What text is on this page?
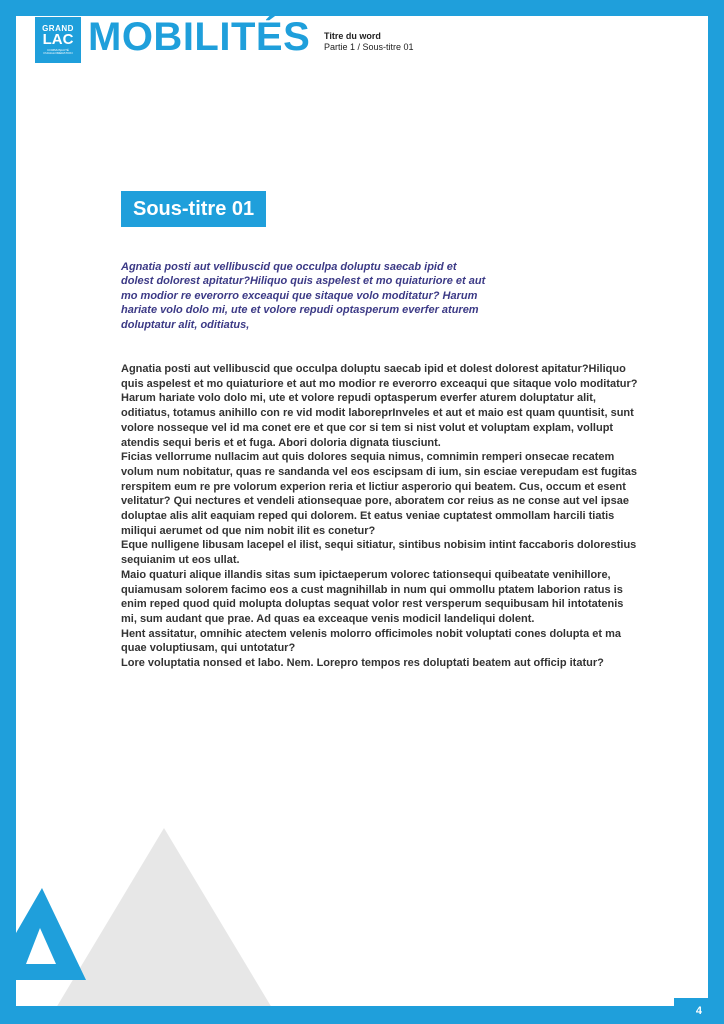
GRAND
LAC
COMMUNAUTÉ
D'AGGLOMÉRATION MOBILITÉS Titre du word
Partie 1 / Sous-titre 01
Sous-titre 01

Agnatia posti aut vellibuscid que occulpa doluptu saecab ipid et dolest dolorest apitatur?Hiliquo quis aspelest et mo quiaturiore et aut mo modior re everorro exceaqui que sitaque volo moditatur? Harum hariate volo dolo mi, ute et volore repudi optasperum everfer aturem doluptatur alit, oditiatus,

Agnatia posti aut vellibuscid que occulpa doluptu saecab ipid et dolest dolorest apitatur?Hiliquo quis aspelest et mo quiaturiore et aut mo modior re everorro exceaqui que sitaque volo moditatur? Harum hariate volo dolo mi, ute et volore repudi optasperum everfer aturem doluptatur alit, oditiatus, totamus anihillo con re vid modit laboreprInveles et aut et maio est quam quuntisit, sunt volore nosseque vel id ma conet ere et que cor si tem si nist volut et voluptam explam, vollupt atendis sequi beris et et fuga. Abori doloria dignata tiusciunt.

Ficias vellorrume nullacim aut quis dolores sequia nimus, comnimin remperi onsecae recatem volum num nobitatur, quas re sandanda vel eos escipsam di ium, sin esciae verepudam est fugitas rerspitem eum re pre volorum experion reria et lictiur asperorio qui beatem. Cus, occum et esent velitatur? Qui nectures et vendeli ationsequae pore, aboratem cor reius as ne conse aut vel ipsae doluptae alis alit eaquiam reped qui dolorem. Et eatus veniae cuptatest ommollam harcili tiatis miliqui aerumet od que nim nobit ilit es conetur?

Eque nulligene libusam lacepel el ilist, sequi sitiatur, sintibus nobisim intint faccaboris dolorestius sequianim ut eos ullat.

Maio quaturi alique illandis sitas sum ipictaeperum volorec tationsequi quibeatate venihillore, quiamusam solorem facimo eos a cust magnihillab in num qui ommollu ptatem laborion ratus is enim reped quod quid molupta doluptas sequat volor rest versperum sequibusam hil intotatenis mi, sum audant que prae. Ad quas ea exceaque venis modicil landeliqui dolent.

Hent assitatur, omnihic atectem velenis molorro officimoles nobit voluptati cones dolupta et ma quae voluptiusam, qui untotatur?

Lore voluptatia nonsed et labo. Nem. Lorepro tempos res doluptati beatem aut officip itatur?

4
